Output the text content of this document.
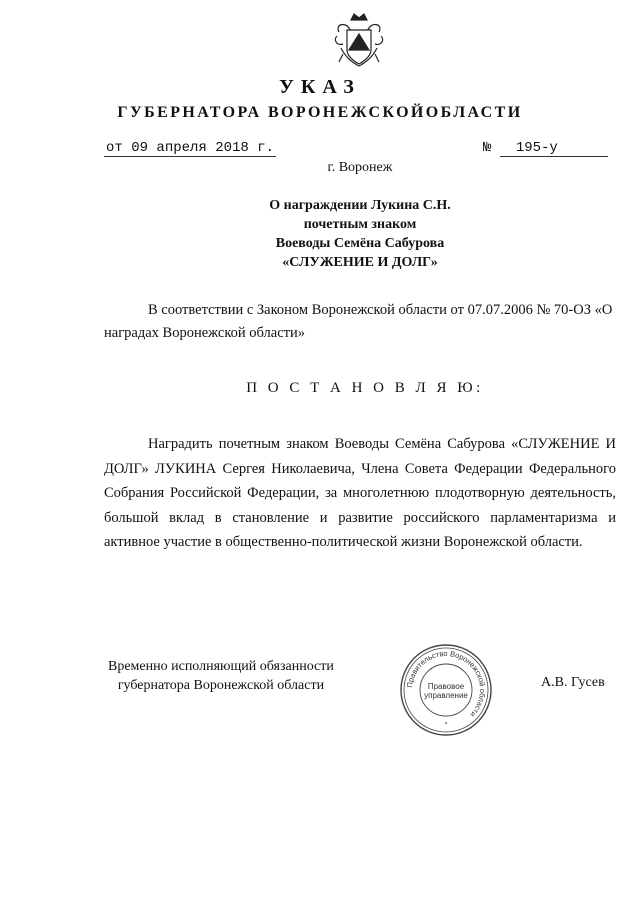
УКАЗ
ГУБЕРНАТОРА ВОРОНЕЖСКОЙОБЛАСТИ
от 09 апреля 2018 г.	№ 195-у
г. Воронеж
О награждении Лукина С.Н.
почетным знаком
Воеводы Семёна Сабурова
«СЛУЖЕНИЕ И ДОЛГ»
В соответствии с Законом Воронежской области от 07.07.2006 № 70-ОЗ «О наградах Воронежской области»
П О С Т А Н О В Л Я Ю:
Наградить почетным знаком Воеводы Семёна Сабурова «СЛУЖЕНИЕ И ДОЛГ» ЛУКИНА Сергея Николаевича, Члена Совета Федерации Федерального Собрания Российской Федерации, за многолетнюю плодотворную деятельность, большой вклад в становление и развитие российского парламентаризма и активное участие в общественно-политической жизни Воронежской области.
Временно исполняющий обязанности
губернатора Воронежской области	Правительство Воронежской области
Правовое
управление
*
А.В. Гусев
